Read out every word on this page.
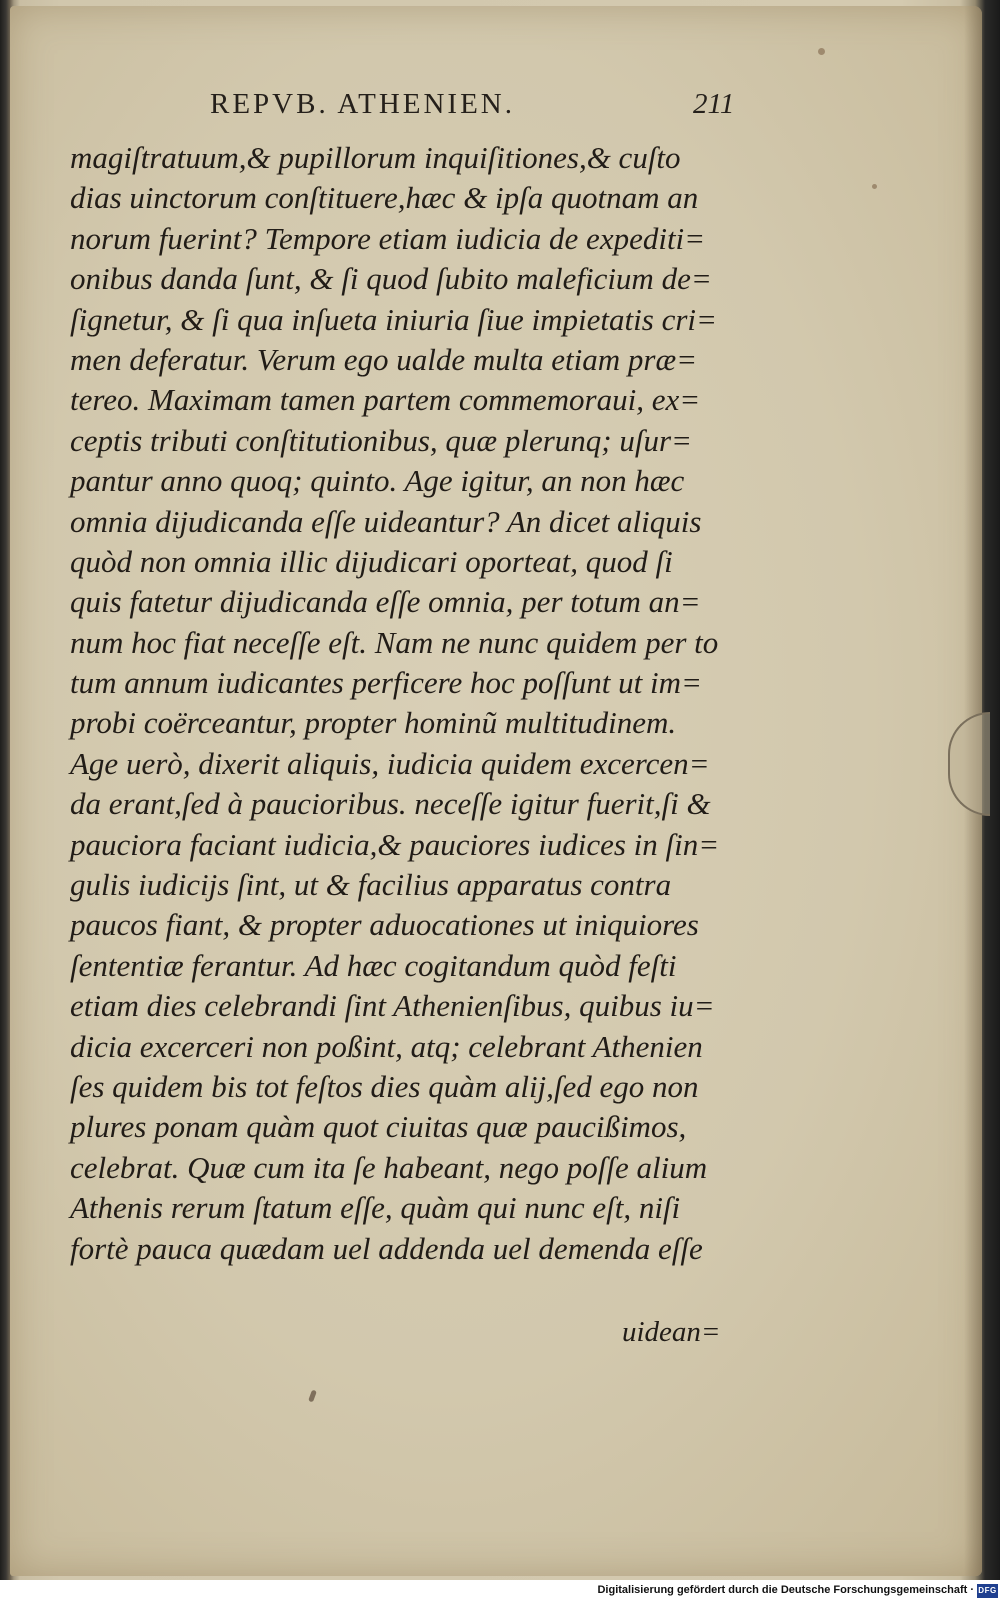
REPVB. ATHENIEN.	211
magiſtratuum,& pupillorum inquiſitiones,& cuſto
dias uinctorum conſtituere,hæc & ipſa quotnam an
norum fuerint? Tempore etiam iudicia de expediti=
onibus danda ſunt, & ſi quod ſubito maleficium de=
ſignetur, & ſi qua inſueta iniuria ſiue impietatis cri=
men deferatur. Verum ego ualde multa etiam præ=
tereo. Maximam tamen partem commemoraui, ex=
ceptis tributi conſtitutionibus, quæ plerunq; uſur=
pantur anno quoq; quinto. Age igitur, an non hæc
omnia dijudicanda eſſe uideantur? An dicet aliquis
quòd non omnia illic dijudicari oporteat, quod ſi
quis fatetur dijudicanda eſſe omnia, per totum an=
num hoc fiat neceſſe eſt. Nam ne nunc quidem per to
tum annum iudicantes perficere hoc poſſunt ut im=
probi coërceantur, propter hominũ multitudinem.
Age uerò, dixerit aliquis, iudicia quidem excercen=
da erant,ſed à paucioribus. neceſſe igitur fuerit,ſi &
pauciora faciant iudicia,& pauciores iudices in ſin=
gulis iudicijs ſint, ut & facilius apparatus contra
paucos fiant, & propter aduocationes ut iniquiores
ſententiæ ferantur. Ad hæc cogitandum quòd feſti
etiam dies celebrandi ſint Athenienſibus, quibus iu=
dicia excerceri non poßint, atq; celebrant Athenien
ſes quidem bis tot feſtos dies quàm alij,ſed ego non
plures ponam quàm quot ciuitas quæ paucißimos,
celebrat. Quæ cum ita ſe habeant, nego poſſe alium
Athenis rerum ſtatum eſſe, quàm qui nunc eſt, niſi
fortè pauca quædam uel addenda uel demenda eſſe
uidean=
Digitalisierung gefördert durch die Deutsche Forschungsgemeinschaft · DFG
